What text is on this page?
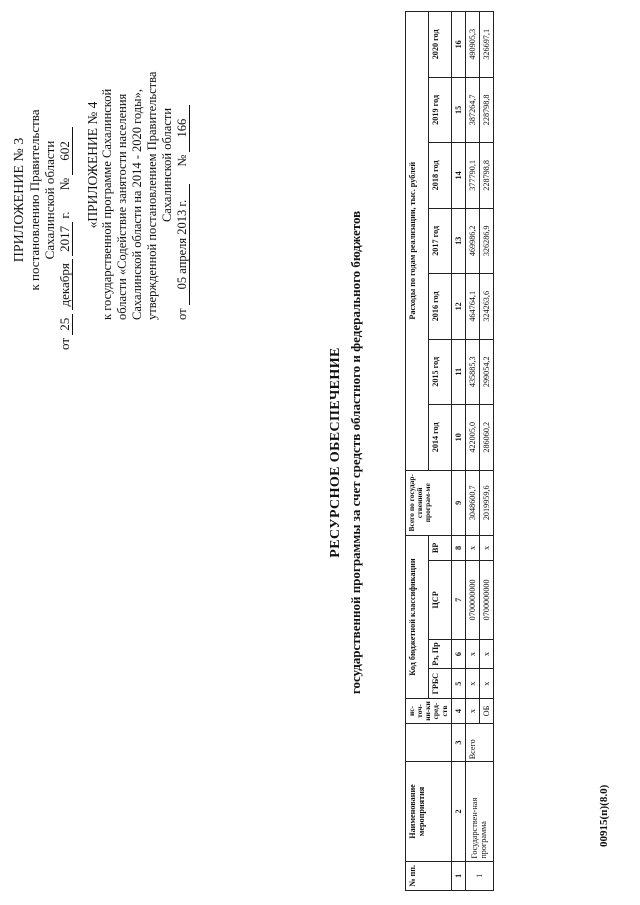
ПРИЛОЖЕНИЕ № 3 к постановлению Правительства Сахалинской области
от 25 декабря 2017 г. № 602 «ПРИЛОЖЕНИЕ № 4 к государственной программе Сахалинской области «Содействие занятости населения Сахалинской области на 2014 - 2020 годы», утвержденной постановлением Правительства Сахалинской области
от 05 апреля 2013 г. № 166
РЕСУРСНОЕ ОБЕСПЕЧЕНИЕ государственной программы за счет средств областного и федерального бюджетов
№ пп.	Наименование мероприятия		ис-точ-ни-ки сред-ств	Код бюджетной классификации				Всего по государ-ственной програм-ме	Расходы по годам реализации, тыс. рублей						
				ГРБС	Рз, Пр	ЦСР	ВР		2014 год	2015 год	2016 год	2017 год	2018 год	2019 год	2020 год
1	2	3	4	5	6	7	8	9	10	11	12	13	14	15	16
1	Государствен-ная программа	Всего	х	х	х	0700000000	х	3048600,7	422005,0	435885,3	464764,1	469986,2	377790,1	387264,7	490905,3
			ОБ	х	х	0700000000	х	2019959,6	286060,2	299054,2	324263,6	326286,9	228798,8	228798,8	326697,1
00915(п)(8.0)
